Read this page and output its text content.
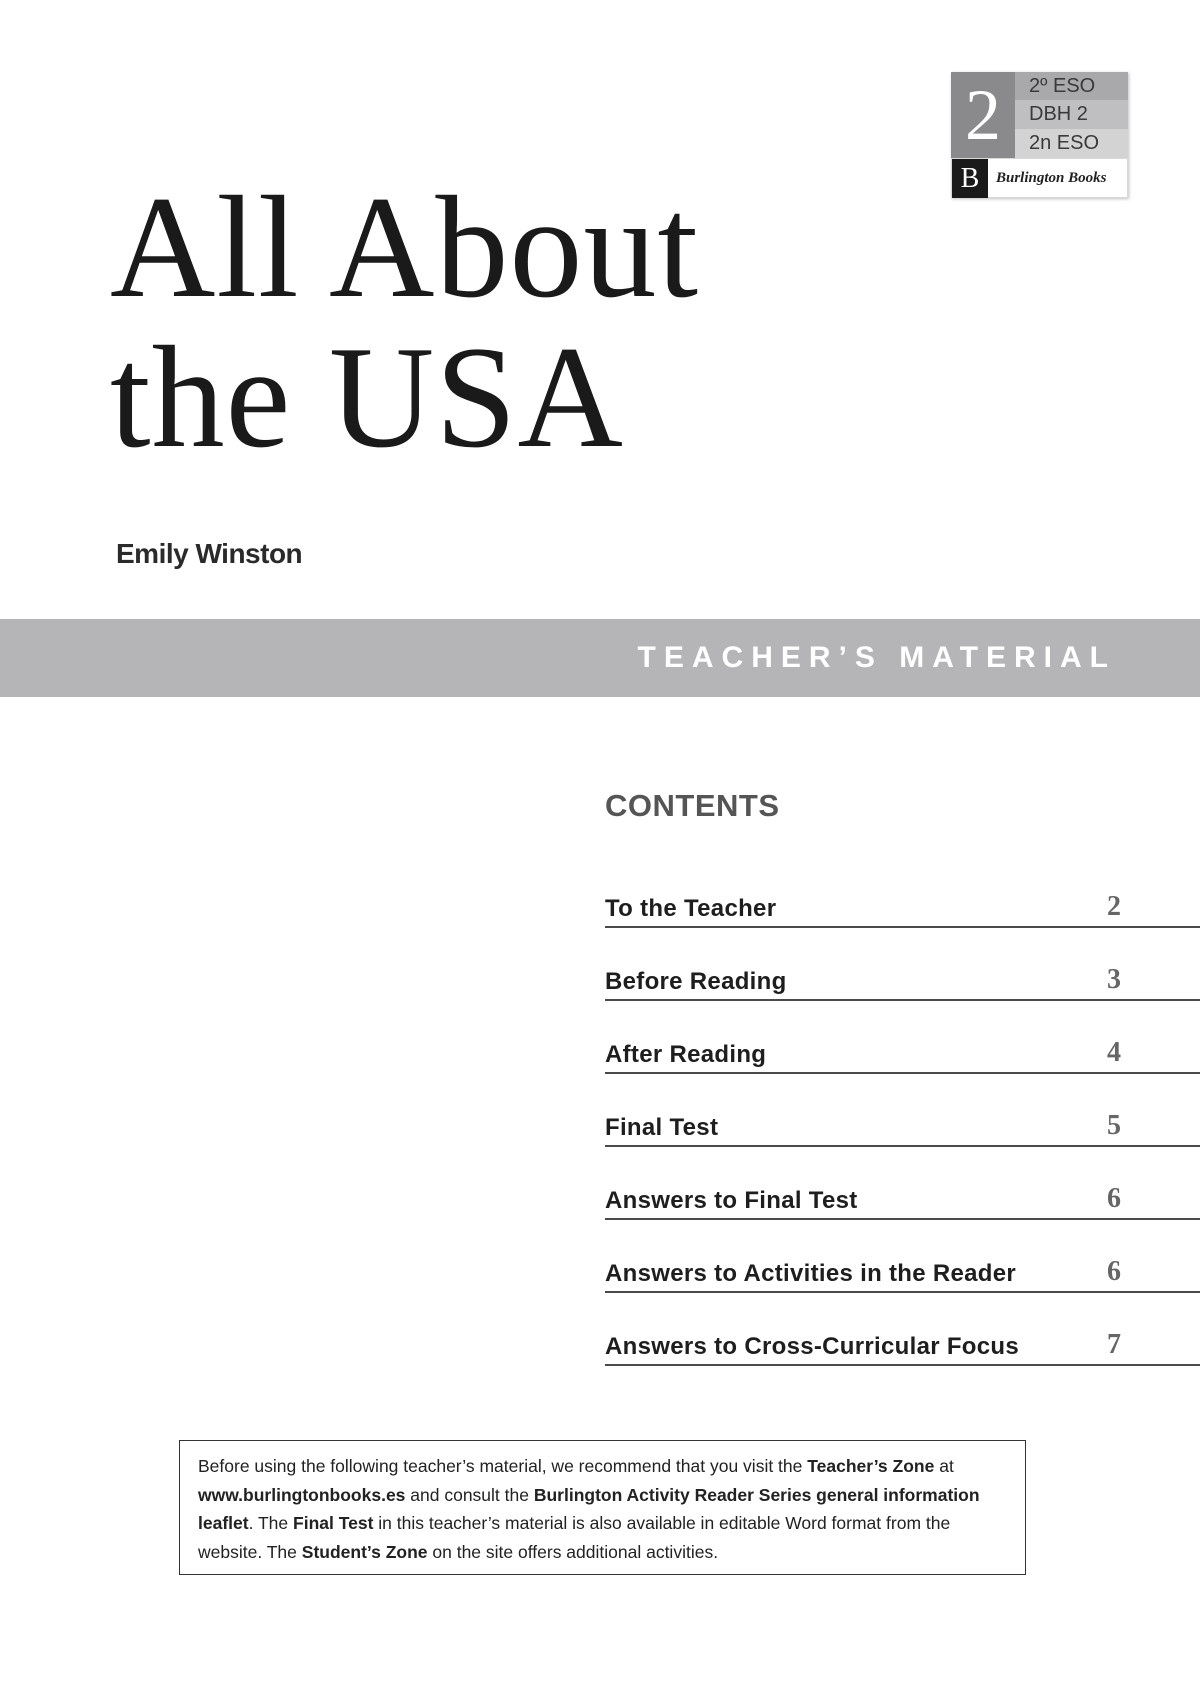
2	2º ESO
DBH 2
2n ESO
B	Burlington Books
All About
the USA
Emily Winston
TEACHER’S MATERIAL
CONTENTS
To the Teacher	2
Before Reading	3
After Reading	4
Final Test	5
Answers to Final Test	6
Answers to Activities in the Reader	6
Answers to Cross-Curricular Focus	7
Before using the following teacher’s material, we recommend that you visit the Teacher’s Zone at www.burlingtonbooks.es and consult the Burlington Activity Reader Series general information leaflet. The Final Test in this teacher’s material is also available in editable Word format from the website. The Student’s Zone on the site offers additional activities.
